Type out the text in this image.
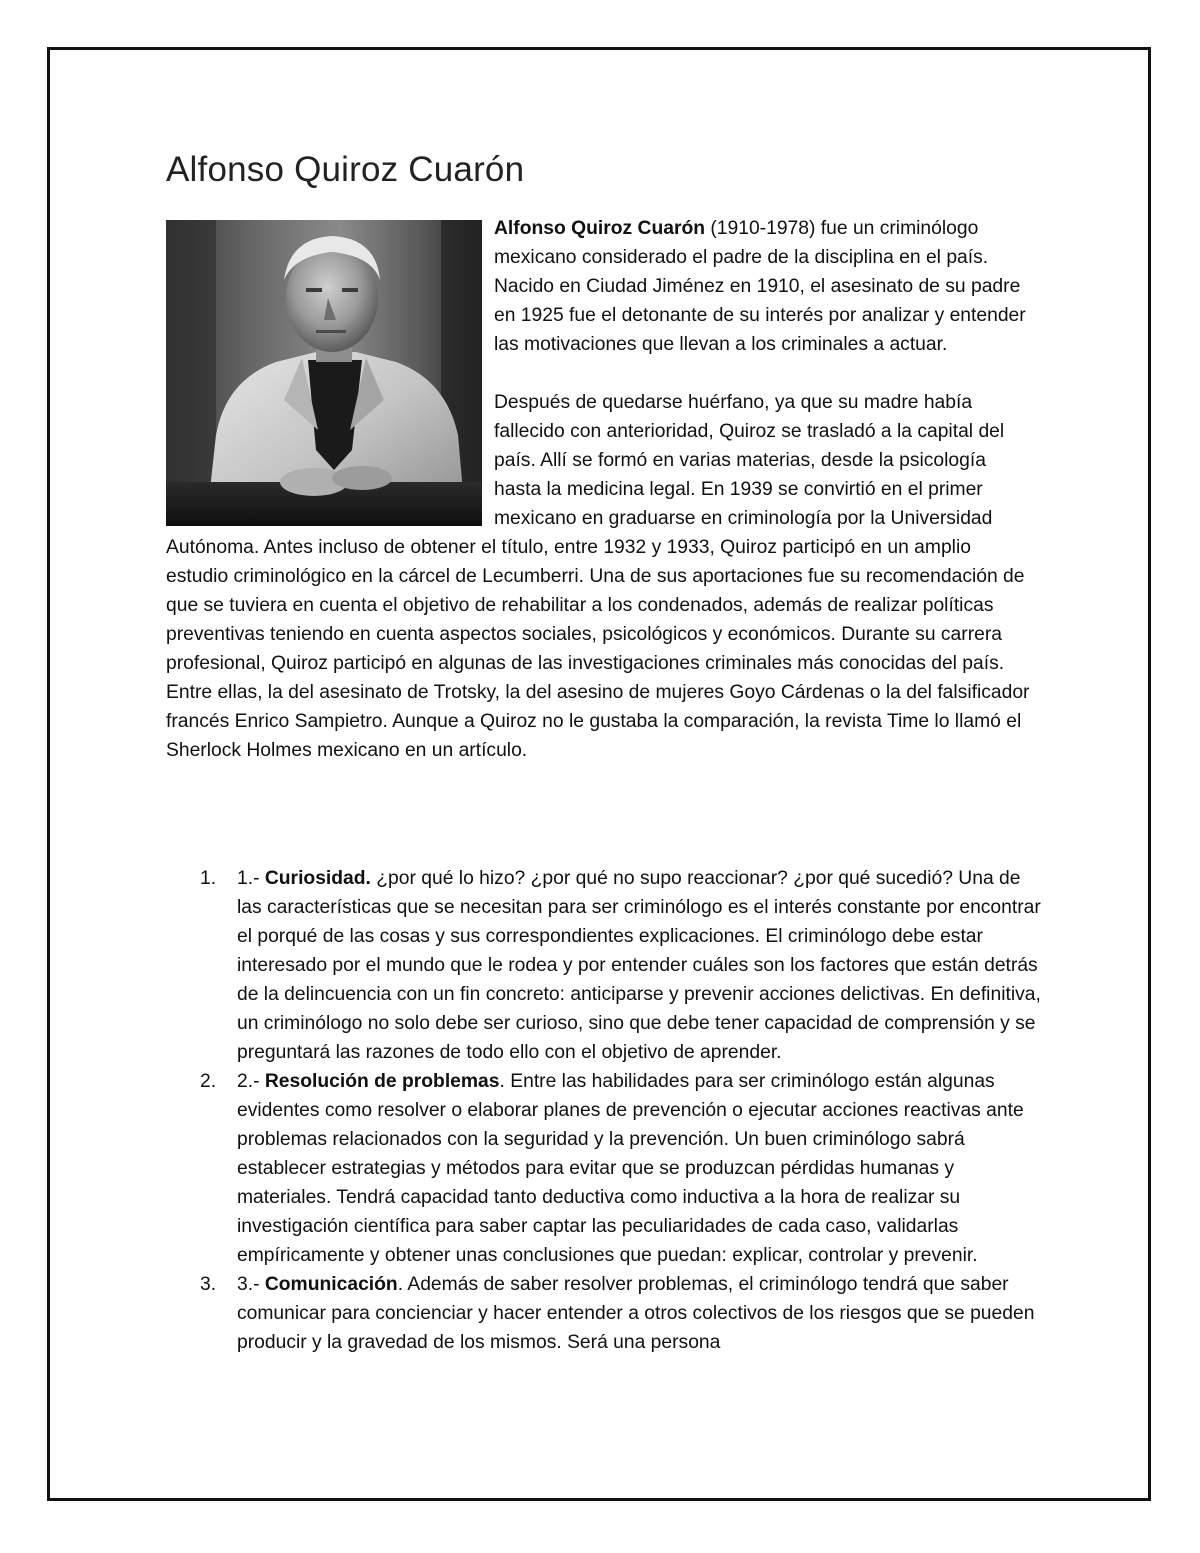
Alfonso Quiroz Cuarón

Alfonso Quiroz Cuarón (1910-1978) fue un criminólogo mexicano considerado el padre de la disciplina en el país. Nacido en Ciudad Jiménez en 1910, el asesinato de su padre en 1925 fue el detonante de su interés por analizar y entender las motivaciones que llevan a los criminales a actuar.

Después de quedarse huérfano, ya que su madre había fallecido con anterioridad, Quiroz se trasladó a la capital del país. Allí se formó en varias materias, desde la psicología hasta la medicina legal. En 1939 se convirtió en el primer mexicano en graduarse en criminología por la Universidad Autónoma. Antes incluso de obtener el título, entre 1932 y 1933, Quiroz participó en un amplio estudio criminológico en la cárcel de Lecumberri. Una de sus aportaciones fue su recomendación de que se tuviera en cuenta el objetivo de rehabilitar a los condenados, además de realizar políticas preventivas teniendo en cuenta aspectos sociales, psicológicos y económicos. Durante su carrera profesional, Quiroz participó en algunas de las investigaciones criminales más conocidas del país. Entre ellas, la del asesinato de Trotsky, la del asesino de mujeres Goyo Cárdenas o la del falsificador francés Enrico Sampietro. Aunque a Quiroz no le gustaba la comparación, la revista Time lo llamó el Sherlock Holmes mexicano en un artículo.

1. 1.- Curiosidad. ¿por qué lo hizo? ¿por qué no supo reaccionar? ¿por qué sucedió? Una de las características que se necesitan para ser criminólogo es el interés constante por encontrar el porqué de las cosas y sus correspondientes explicaciones. El criminólogo debe estar interesado por el mundo que le rodea y por entender cuáles son los factores que están detrás de la delincuencia con un fin concreto: anticiparse y prevenir acciones delictivas. En definitiva, un criminólogo no solo debe ser curioso, sino que debe tener capacidad de comprensión y se preguntará las razones de todo ello con el objetivo de aprender.
2. 2.- Resolución de problemas. Entre las habilidades para ser criminólogo están algunas evidentes como resolver o elaborar planes de prevención o ejecutar acciones reactivas ante problemas relacionados con la seguridad y la prevención. Un buen criminólogo sabrá establecer estrategias y métodos para evitar que se produzcan pérdidas humanas y materiales. Tendrá capacidad tanto deductiva como inductiva a la hora de realizar su investigación científica para saber captar las peculiaridades de cada caso, validarlas empíricamente y obtener unas conclusiones que puedan: explicar, controlar y prevenir.
3. 3.- Comunicación. Además de saber resolver problemas, el criminólogo tendrá que saber comunicar para concienciar y hacer entender a otros colectivos de los riesgos que se pueden producir y la gravedad de los mismos. Será una persona
